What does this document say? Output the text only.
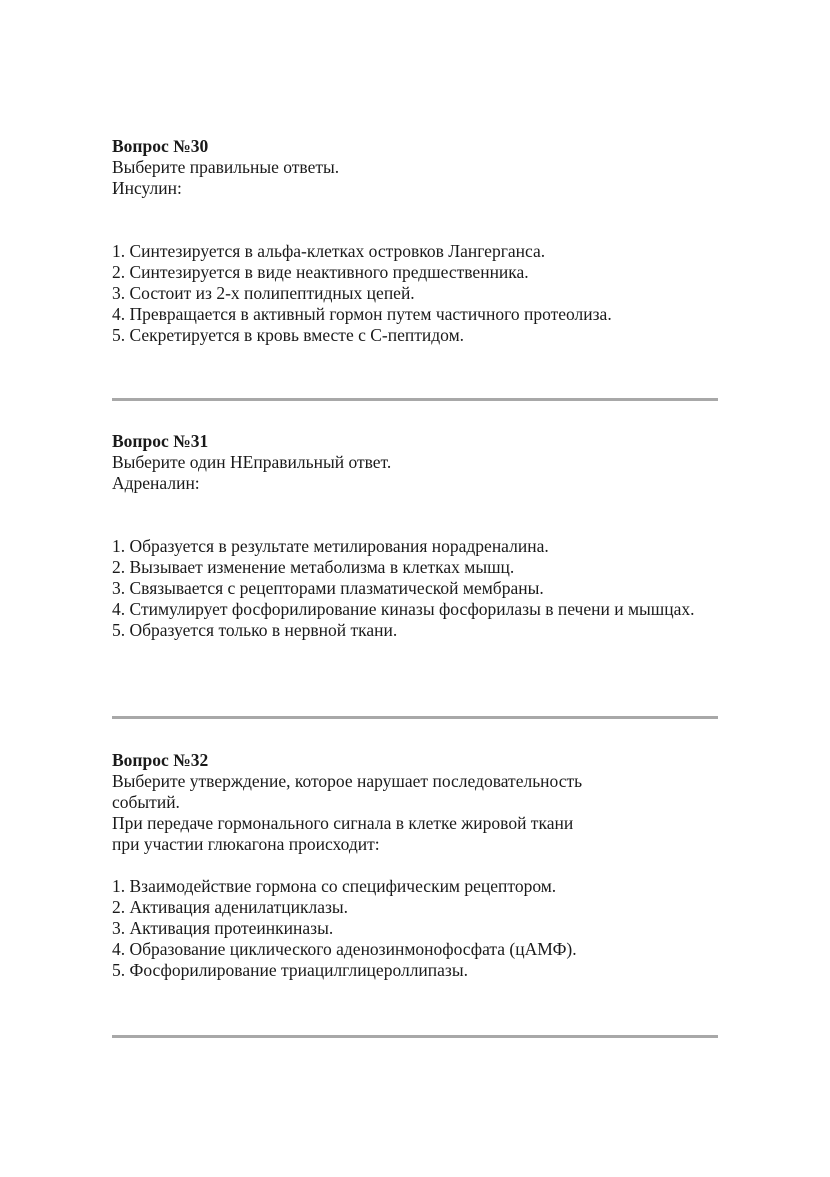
Вопрос №30
Выберите правильные ответы.
Инсулин:
1. Синтезируется в альфа-клетках островков Лангерганса.
2. Синтезируется в виде неактивного предшественника.
3. Состоит из 2-х полипептидных цепей.
4. Превращается в активный гормон путем частичного протеолиза.
5. Секретируется в кровь вместе с С-пептидом.
Вопрос №31
Выберите один НЕправильный ответ.
Адреналин:
1. Образуется в результате метилирования норадреналина.
2. Вызывает изменение метаболизма в клетках мышц.
3. Связывается с рецепторами плазматической мембраны.
4. Стимулирует фосфорилирование киназы фосфорилазы в печени и мышцах.
5. Образуется только в нервной ткани.
Вопрос №32
Выберите утверждение, которое нарушает последовательность
событий.
При передаче гормонального сигнала в клетке жировой ткани
при участии глюкагона происходит:
1. Взаимодействие гормона со специфическим рецептором.
2. Активация аденилатциклазы.
3. Активация протеинкиназы.
4. Образование циклического аденозинмонофосфата (цАМФ).
5. Фосфорилирование триацилглицероллипазы.
